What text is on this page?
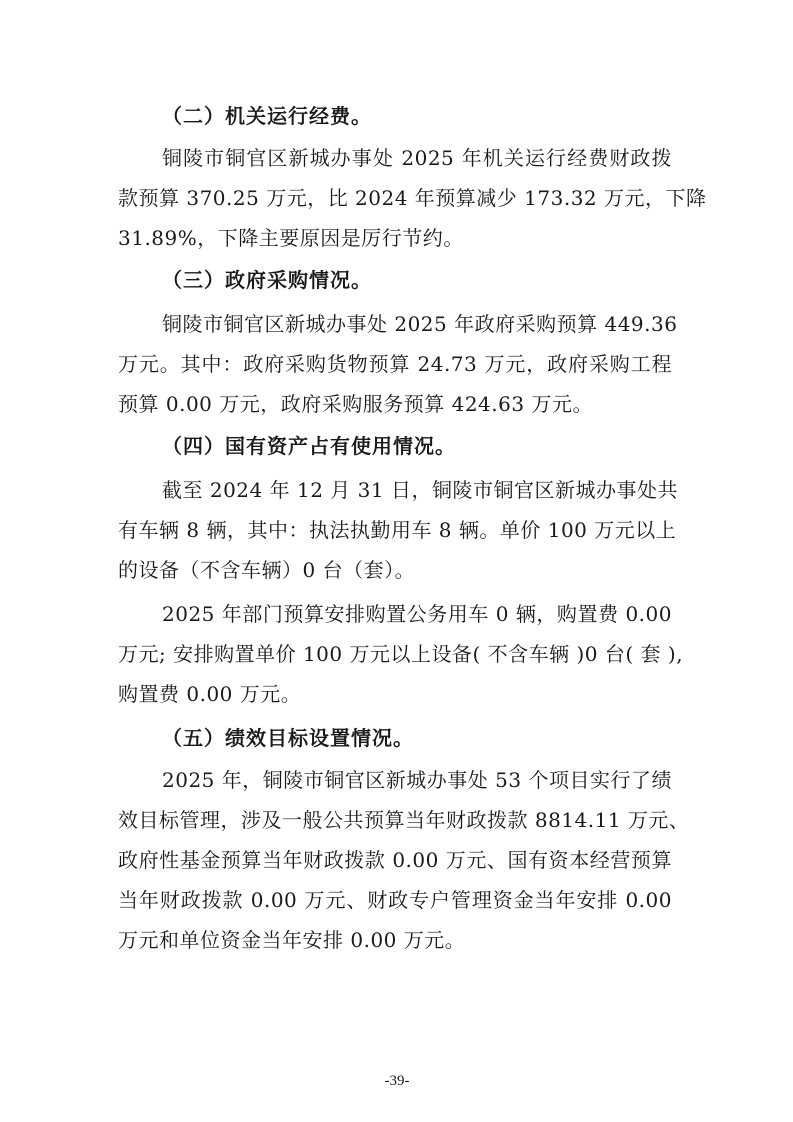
（二）机关运行经费。
铜陵市铜官区新城办事处 2025 年机关运行经费财政拨
款预算 370.25 万元，比 2024 年预算减少 173.32 万元，下降
31.89%，下降主要原因是厉行节约。
（三）政府采购情况。
铜陵市铜官区新城办事处 2025 年政府采购预算 449.36
万元。其中：政府采购货物预算 24.73 万元，政府采购工程
预算 0.00 万元，政府采购服务预算 424.63 万元。
（四）国有资产占有使用情况。
截至 2024 年 12 月 31 日，铜陵市铜官区新城办事处共
有车辆 8 辆，其中：执法执勤用车 8 辆。单价 100 万元以上
的设备（不含车辆）0 台（套）。
2025 年部门预算安排购置公务用车 0 辆，购置费 0.00
万元; 安排购置单价 100 万元以上设备( 不含车辆 )0 台( 套 ),
购置费 0.00 万元。
（五）绩效目标设置情况。
2025 年，铜陵市铜官区新城办事处 53 个项目实行了绩
效目标管理，涉及一般公共预算当年财政拨款 8814.11 万元、
政府性基金预算当年财政拨款 0.00 万元、国有资本经营预算
当年财政拨款 0.00 万元、财政专户管理资金当年安排 0.00
万元和单位资金当年安排 0.00 万元。
-39-
